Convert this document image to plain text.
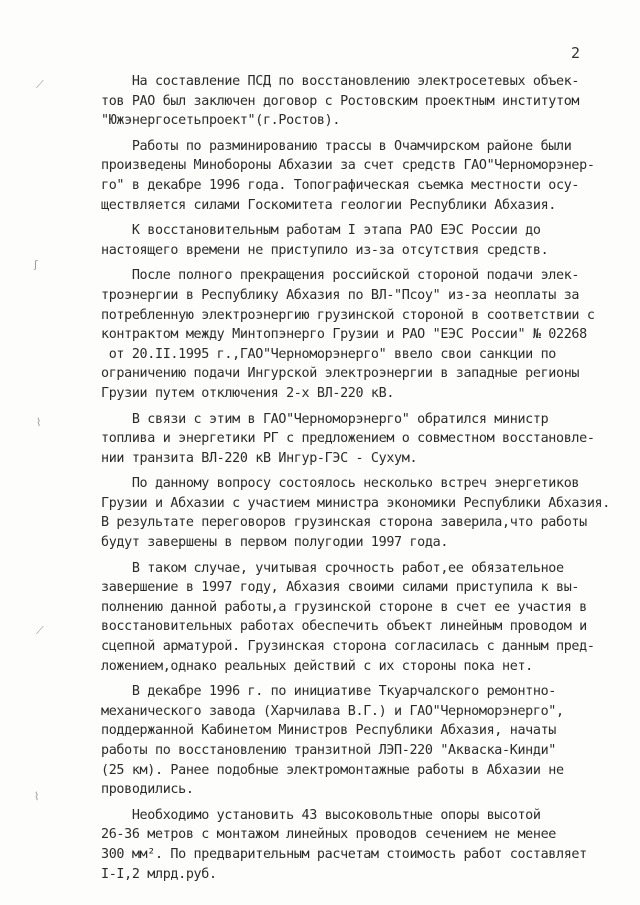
2
⟋
ʃ
⌇
⟋
⌇
На составление ПСД по восстановлению электросетевых объек-
тов РАО был заключен договор с Ростовским проектным институтом
"Южэнергосетьпроект"(г.Ростов).
Работы по разминированию трассы в Очамчирском районе были
произведены Минобороны Абхазии за счет средств ГАО"Черноморэнер-
го" в декабре 1996 года. Топографическая съемка местности осу-
ществляется силами Госкомитета геологии Республики Абхазия.
К восстановительным работам I этапа РАО ЕЭС России до
настоящего времени не приступило из-за отсутствия средств.
После полного прекращения российской стороной подачи элек-
троэнергии в Республику Абхазия по ВЛ-"Псоу" из-за неоплаты за
потребленную электроэнергию грузинской стороной в соответствии с
контрактом между Минтопэнерго Грузии и РАО "ЕЭС России" № 02268
от 20.II.1995 г.,ГАО"Черноморэнерго" ввело свои санкции по
ограничению подачи Ингурской электроэнергии в западные регионы
Грузии путем отключения 2-х ВЛ-220 кВ.
В связи с этим в ГАО"Черноморэнерго" обратился министр
топлива и энергетики РГ с предложением о совместном восстановле-
нии транзита ВЛ-220 кВ Ингур-ГЭС - Сухум.
По данному вопросу состоялось несколько встреч энергетиков
Грузии и Абхазии с участием министра экономики Республики Абхазия.
В результате переговоров грузинская сторона заверила,что работы
будут завершены в первом полугодии 1997 года.
В таком случае, учитывая срочность работ,ее обязательное
завершение в 1997 году, Абхазия своими силами приступила к вы-
полнению данной работы,а грузинской стороне в счет ее участия в
восстановительных работах обеспечить объект линейным проводом и
сцепной арматурой. Грузинская сторона согласилась с данным пред-
ложением,однако реальных действий с их стороны пока нет.
В декабре 1996 г. по инициативе Ткуарчалского ремонтно-
механического завода (Харчилава В.Г.) и ГАО"Черноморэнерго",
поддержанной Кабинетом Министров Республики Абхазия, начаты
работы по восстановлению транзитной ЛЭП-220 "Акваска-Кинди"
(25 км). Ранее подобные электромонтажные работы в Абхазии не
проводились.
Необходимо установить 43 высоковольтные опоры высотой
26-36 метров с монтажом линейных проводов сечением не менее
300 мм². По предварительным расчетам стоимость работ составляет
I-I,2 млрд.руб.
